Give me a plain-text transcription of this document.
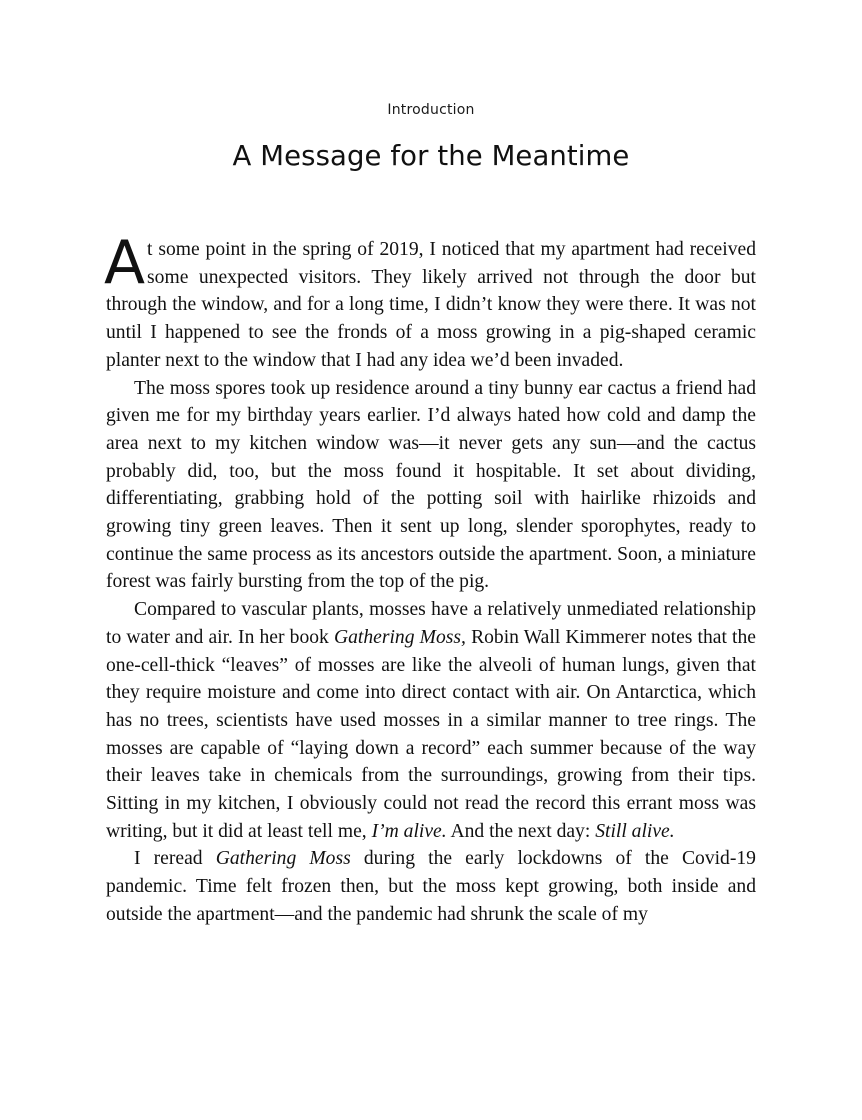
Introduction
A Message for the Meantime

At some point in the spring of 2019, I noticed that my apartment had received some unexpected visitors. They likely arrived not through the door but through the window, and for a long time, I didn’t know they were there. It was not until I happened to see the fronds of a moss growing in a pig-shaped ceramic planter next to the window that I had any idea we’d been invaded.

The moss spores took up residence around a tiny bunny ear cactus a friend had given me for my birthday years earlier. I’d always hated how cold and damp the area next to my kitchen window was—it never gets any sun—and the cactus probably did, too, but the moss found it hospitable. It set about dividing, differentiating, grabbing hold of the potting soil with hairlike rhizoids and growing tiny green leaves. Then it sent up long, slender sporophytes, ready to continue the same process as its ancestors outside the apartment. Soon, a miniature forest was fairly bursting from the top of the pig.

Compared to vascular plants, mosses have a relatively unmediated relationship to water and air. In her book Gathering Moss, Robin Wall Kimmerer notes that the one-cell-thick “leaves” of mosses are like the alveoli of human lungs, given that they require moisture and come into direct contact with air. On Antarctica, which has no trees, scientists have used mosses in a similar manner to tree rings. The mosses are capable of “laying down a record” each summer because of the way their leaves take in chemicals from the surroundings, growing from their tips. Sitting in my kitchen, I obviously could not read the record this errant moss was writing, but it did at least tell me, I’m alive. And the next day: Still alive.

I reread Gathering Moss during the early lockdowns of the Covid-19 pandemic. Time felt frozen then, but the moss kept growing, both inside and outside the apartment—and the pandemic had shrunk the scale of my
